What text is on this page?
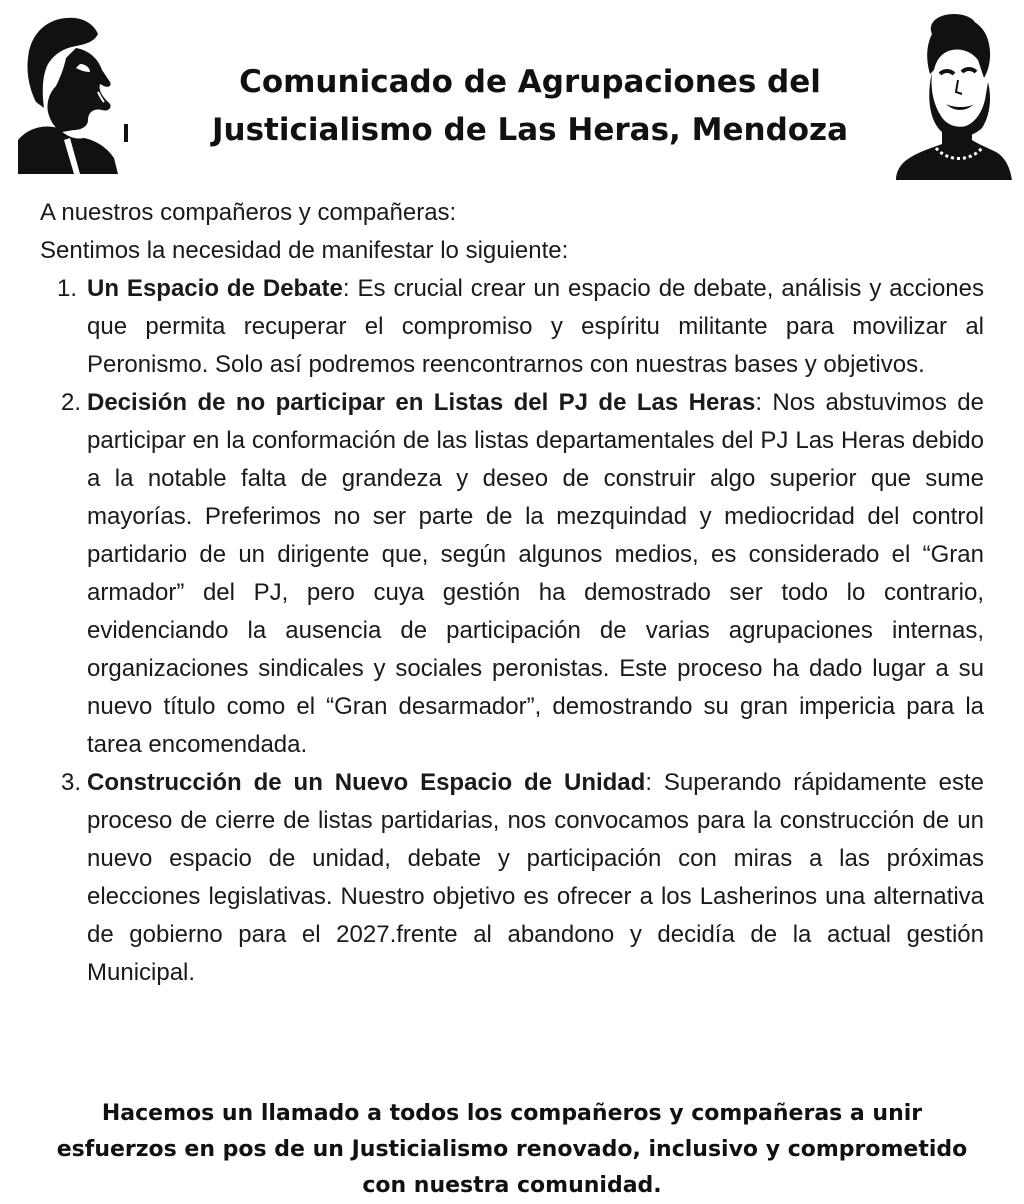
Comunicado de Agrupaciones del
Justicialismo de Las Heras, Mendoza

A nuestros compañeros y compañeras:

Sentimos la necesidad de manifestar lo siguiente:

1. Un Espacio de Debate: Es crucial crear un espacio de debate, análisis y acciones que permita recuperar el compromiso y espíritu militante para movilizar al Peronismo. Solo así podremos reencontrarnos con nuestras bases y objetivos.
2. Decisión de no participar en Listas del PJ de Las Heras: Nos abstuvimos de participar en la conformación de las listas departamentales del PJ Las Heras debido a la notable falta de grandeza y deseo de construir algo superior que sume mayorías. Preferimos no ser parte de la mezquindad y mediocridad del control partidario de un dirigente que, según algunos medios, es considerado el “Gran armador” del PJ, pero cuya gestión ha demostrado ser todo lo contrario, evidenciando la ausencia de participación de varias agrupaciones internas, organizaciones sindicales y sociales peronistas. Este proceso ha dado lugar a su nuevo título como el “Gran desarmador”, demostrando su gran impericia para la tarea encomendada.
3. Construcción de un Nuevo Espacio de Unidad: Superando rápidamente este proceso de cierre de listas partidarias, nos convocamos para la construcción de un nuevo espacio de unidad, debate y participación con miras a las próximas elecciones legislativas. Nuestro objetivo es ofrecer a los Lasherinos una alternativa de gobierno para el 2027.frente al abandono y decidía de la actual gestión Municipal.

Hacemos un llamado a todos los compañeros y compañeras a unir
esfuerzos en pos de un Justicialismo renovado, inclusivo y comprometido
con nuestra comunidad.
